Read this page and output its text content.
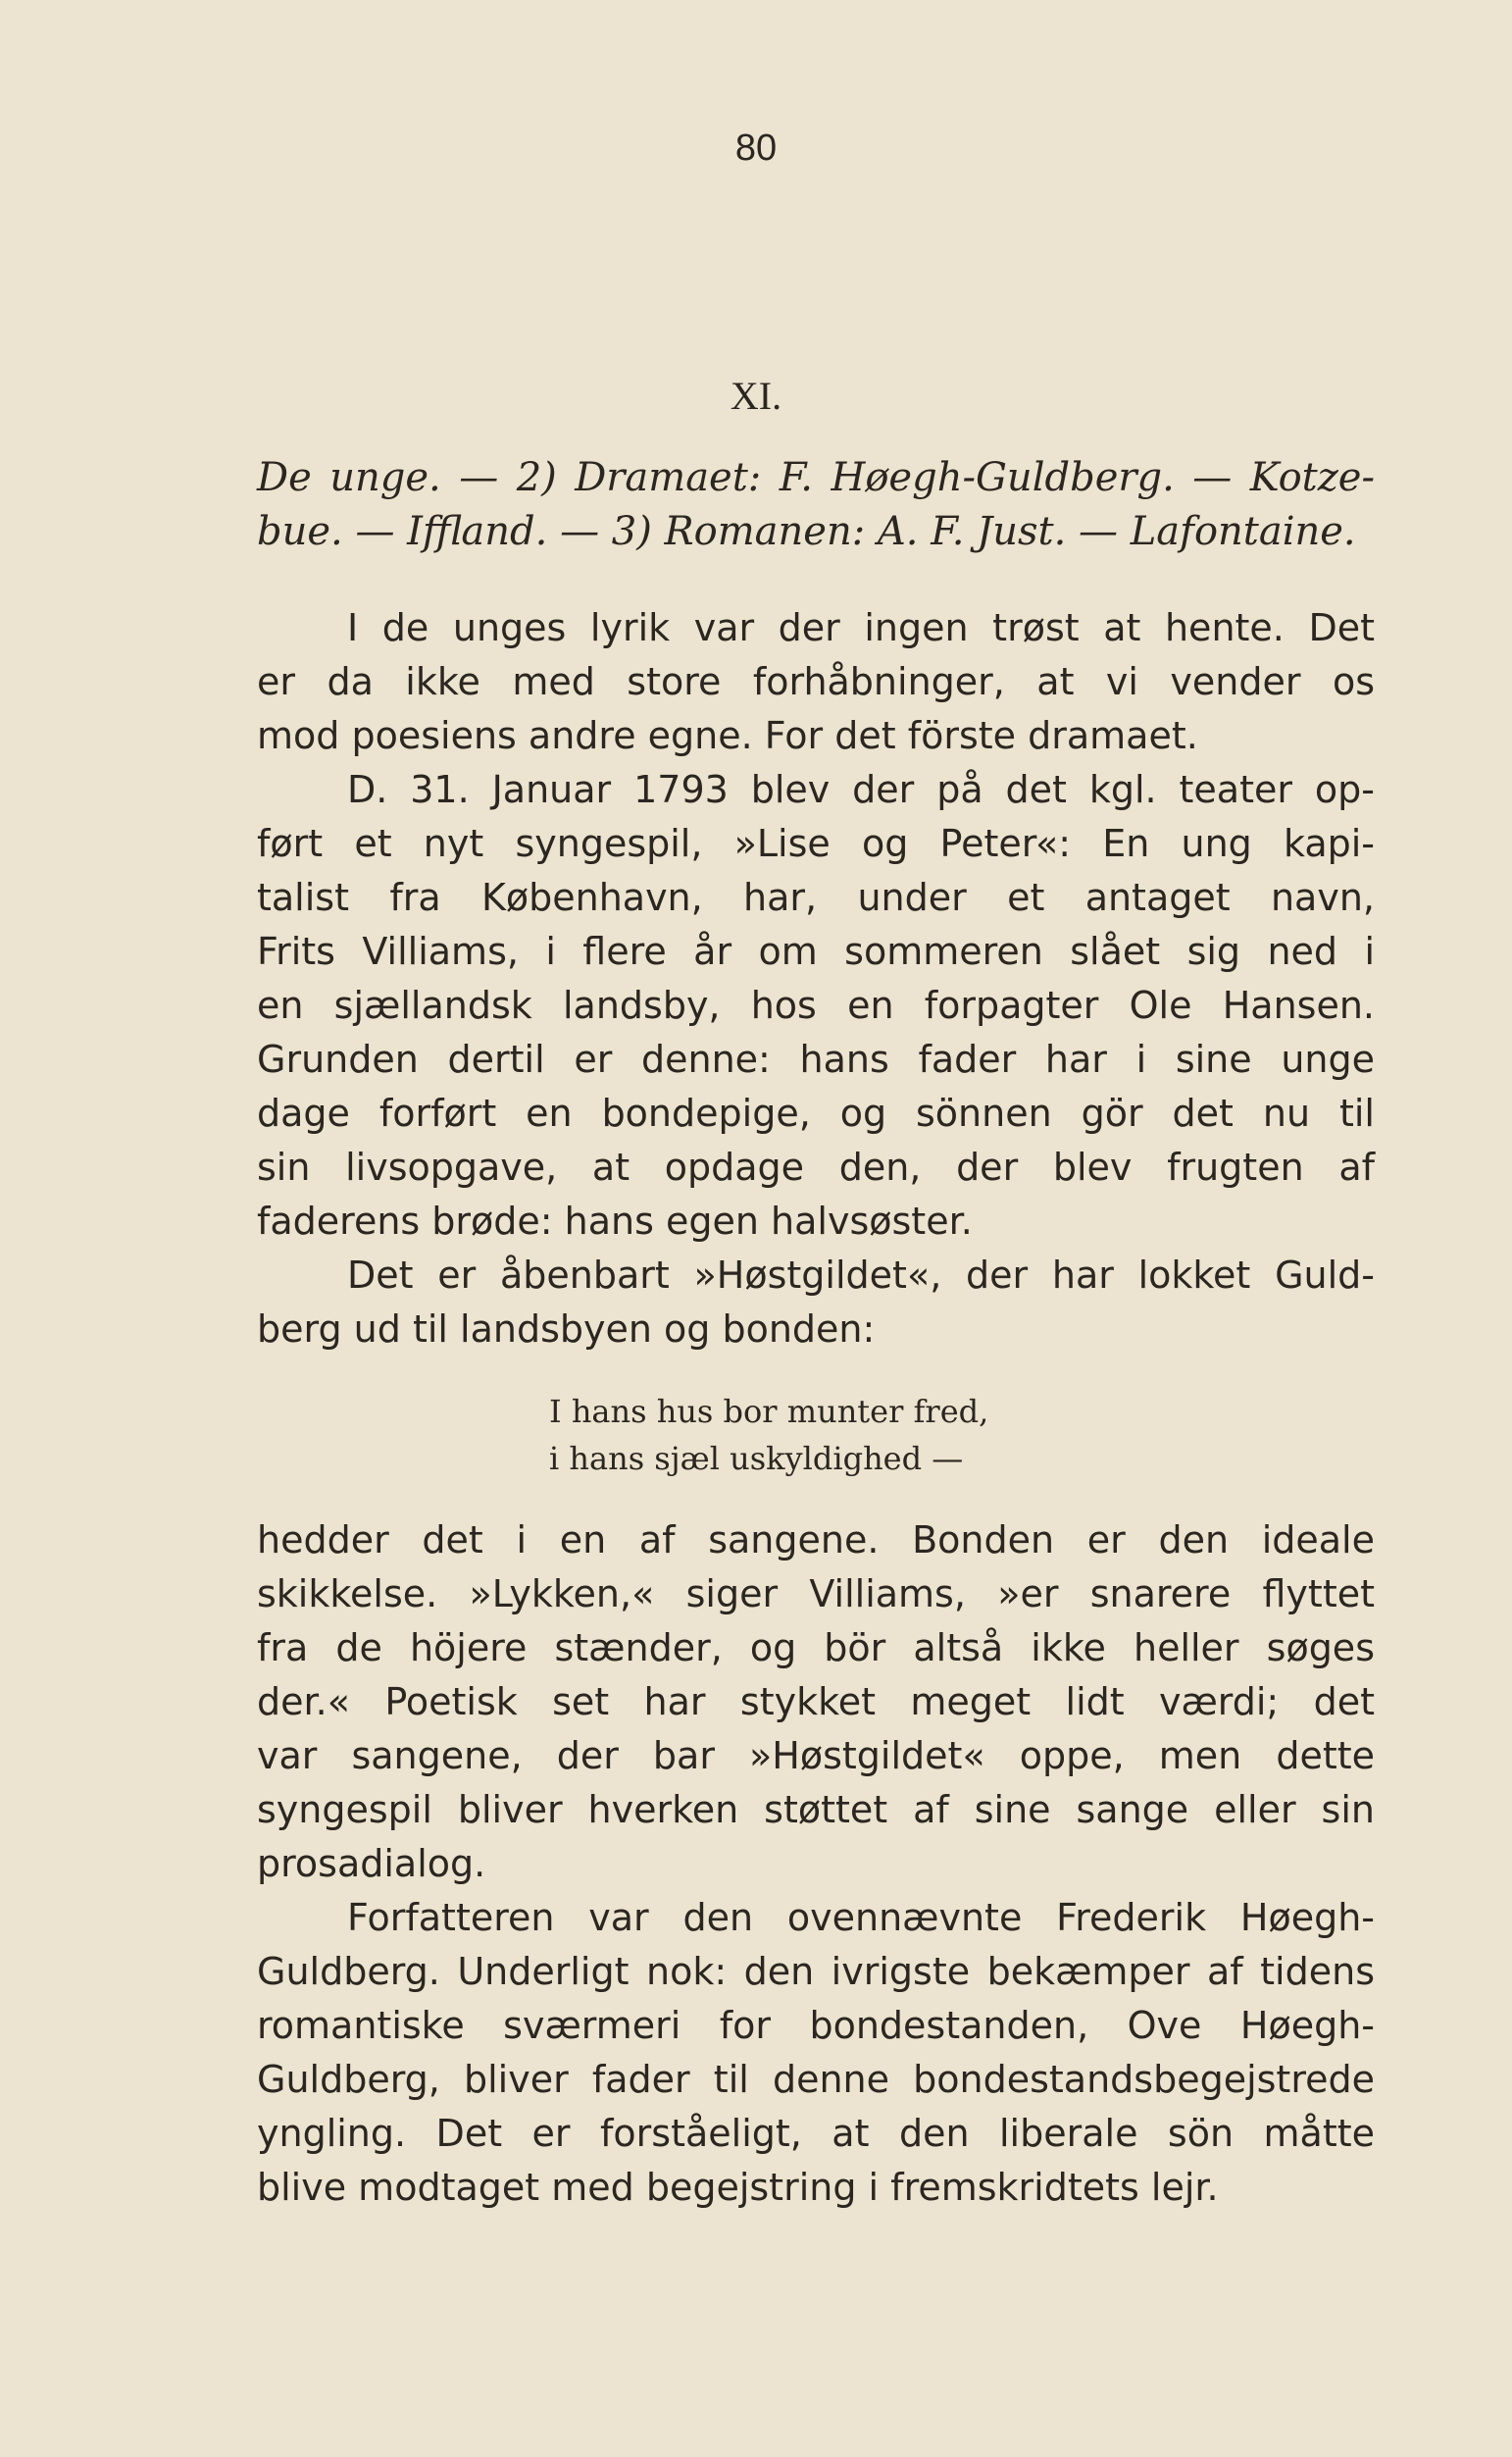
80
XI.
De unge. — 2) Dramaet: F. Høegh-Guldberg. — Kotze-
bue. — Iffland. — 3) Romanen: A. F. Just. — Lafontaine.
I de unges lyrik var der ingen trøst at hente. Det
er da ikke med store forhåbninger, at vi vender os
mod poesiens andre egne. For det förste dramaet.
D. 31. Januar 1793 blev der på det kgl. teater op-
ført et nyt syngespil, »Lise og Peter«: En ung kapi-
talist fra København, har, under et antaget navn,
Frits Villiams, i flere år om sommeren slået sig ned i
en sjællandsk landsby, hos en forpagter Ole Hansen.
Grunden dertil er denne: hans fader har i sine unge
dage forført en bondepige, og sönnen gör det nu til
sin livsopgave, at opdage den, der blev frugten af
faderens brøde: hans egen halvsøster.
Det er åbenbart »Høstgildet«, der har lokket Guld-
berg ud til landsbyen og bonden:
I hans hus bor munter fred,
i hans sjæl uskyldighed —
hedder det i en af sangene. Bonden er den ideale
skikkelse. »Lykken,« siger Villiams, »er snarere flyttet
fra de höjere stænder, og bör altså ikke heller søges
der.« Poetisk set har stykket meget lidt værdi; det
var sangene, der bar »Høstgildet« oppe, men dette
syngespil bliver hverken støttet af sine sange eller sin
prosadialog.
Forfatteren var den ovennævnte Frederik Høegh-
Guldberg. Underligt nok: den ivrigste bekæmper af tidens
romantiske sværmeri for bondestanden, Ove Høegh-
Guldberg, bliver fader til denne bondestandsbegejstrede
yngling. Det er forståeligt, at den liberale sön måtte
blive modtaget med begejstring i fremskridtets lejr.
